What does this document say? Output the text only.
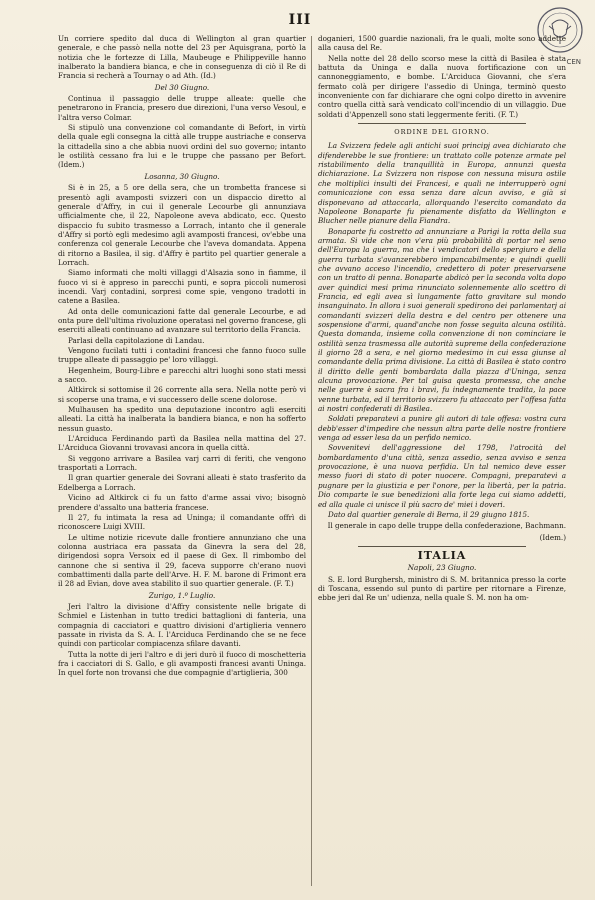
III
CEN

Un corriere spedito dal duca di Wellington al gran quartier generale, e che passò nella notte del 23 per Aquisgrana, portò la notizia che le fortezze di Lilla, Maubeuge e Philippeville hanno inalberato la bandiera bianca, e che in conseguenza di ciò il Re di Francia si recherà a Tournay o ad Ath. (Id.)

Del 30 Giugno.

Continua il passaggio delle truppe alleate: quelle che penetrarono in Francia, presero due direzioni, l'una verso Vesoul, e l'altra verso Colmar.

Si stipulò una convenzione col comandante di Befort, in virtù della quale egli consegna la città alle truppe austriache e conserva la cittadella sino a che abbia nuovi ordini del suo governo; intanto le ostilità cessano fra lui e le truppe che passano per Befort. (Idem.)

Losanna, 30 Giugno.

Si è in 25, a 5 ore della sera, che un trombetta francese si presentò agli avamposti svizzeri con un dispaccio diretto al generale d'Affry, in cui il generale Lecourbe gli annunziava ufficialmente che, il 22, Napoleone aveva abdicato, ecc. Questo dispaccio fu subito trasmesso a Lorrach, intanto che il generale d'Affry si portò egli medesimo agli avamposti francesi, ov'ebbe una conferenza col generale Lecourbe che l'aveva domandata. Appena di ritorno a Basilea, il sig. d'Affry è partito pel quartier generale a Lorrach.

Siamo informati che molti villaggi d'Alsazia sono in fiamme, il fuoco vi si è appreso in parecchi punti, e sopra piccoli numerosi incendi. Varj contadini, sorpresi come spie, vengono tradotti in catene a Basilea.

Ad onta delle comunicazioni fatte dal generale Lecourbe, e ad onta pure dell'ultima rivoluzione operatasi nel governo francese, gli eserciti alleati continuano ad avanzare sul territorio della Francia.

Parlasi della capitolazione di Landau.

Vengono fucilati tutti i contadini francesi che fanno fuoco sulle truppe alleate di passaggio pe' loro villaggi.

Hegenheim, Bourg-Libre e parecchi altri luoghi sono stati messi a sacco.

Altkirck si sottomise il 26 corrente alla sera. Nella notte però vi si scoperse una trama, e vi successero delle scene dolorose.

Mulhausen ha spedito una deputazione incontro agli eserciti alleati. La città ha inalberata la bandiera bianca, e non ha sofferto nessun guasto.

L'Arciduca Ferdinando partì da Basilea nella mattina del 27. L'Arciduca Giovanni trovavasi ancora in quella città.

Si veggono arrivare a Basilea varj carri di feriti, che vengono trasportati a Lorrach.

Il gran quartier generale dei Sovrani alleati è stato trasferito da Edelberga a Lorrach.

Vicino ad Altkirck ci fu un fatto d'arme assai vivo; bisognò prendere d'assalto una batteria francese.

Il 27, fu intimata la resa ad Uninga; il comandante offrì di riconoscere Luigi XVIII.

Le ultime notizie ricevute dalle frontiere annunziano che una colonna austriaca era passata da Ginevra la sera del 28, dirigendosi sopra Versoix ed il paese di Gex. Il rimbombo del cannone che si sentiva il 29, faceva supporre ch'erano nuovi combattimenti dalla parte dell'Arve. H. F. M. barone di Frimont era il 28 ad Evian, dove avea stabilito il suo quartier generale. (F. T.)

Zurigo, 1.º Luglio.

Jeri l'altro la divisione d'Affry consistente nelle brigate di Schmiel e Listenhan in tutto tredici battaglioni di fanteria, una compagnia di cacciatori e quattro divisioni d'artiglieria vennero passate in rivista da S. A. I. l'Arciduca Ferdinando che se ne fece quindi con particolar compiacenza sfilare davanti.

Tutta la notte di jeri l'altro e di jeri durò il fuoco di moschetteria fra i cacciatori di S. Gallo, e gli avamposti francesi avanti Uninga. In quel forte non trovansi che due compagnie d'artiglieria, 300

doganieri, 1500 guardie nazionali, fra le quali, molte sono addette alla causa del Re.

Nella notte del 28 dello scorso mese la città di Basilea è stata battuta da Uninga e dalla nuova fortificazione con un cannoneggiamento, e bombe. L'Arciduca Giovanni, che s'era fermato colà per dirigere l'assedio di Uninga, terminò questo inconveniente con far dichiarare che ogni colpo diretto in avvenire contro quella città sarà vendicato coll'incendio di un villaggio. Due soldati d'Appenzell sono stati leggermente feriti. (F. T.)

ORDINE DEL GIORNO.

La Svizzera fedele agli antichi suoi principj avea dichiarato che difenderebbe le sue frontiere: un trattato colle potenze armate pel ristabilimento della tranquillità in Europa, annunzi questa dichiarazione. La Svizzera non rispose con nessuna misura ostile che moltiplici insulti dei Francesi, e quali ne interrupperò ogni comunicazione con essa senza dare alcun avviso, e già si disponevano ad attaccarla, allorquando l'esercito comandato da Napoleone Bonaparte fu pienamente disfatto da Wellington e Blucher nelle pianure della Fiandra.

Bonaparte fu costretto ad annunziare a Parigi la rotta della sua armata. Si vide che non v'era più probabilità di portar nel seno dell'Europa la guerra, ma che i vendicatori dello spergiuro e della guerra turbata s'avanzerebbero impancabilmente; e quindi quelli che avvano acceso l'incendio, credettero di poter preservarsene con un tratto di penna. Bonaparte abdicò per la seconda volta dopo aver quindici mesi prima rinunciato solennemente allo scettro di Francia, ed egli avea sì lungamente fatto gravitare sul mondo insanguinato. In allora i suoi generali spedirono dei parlamentarj ai comandanti svizzeri della destra e del centro per ottenere una sospensione d'armi, quand'anche non fosse seguita alcuna ostilità. Questa domanda, insieme colla convenzione di non cominciare le ostilità senza trasmessa alle autorità supreme della confederazione il giorno 28 a sera, e nel giorno medesimo in cui essa giunse al comandante della prima divisione. La città di Basilea è stato contro il diritto delle genti bombardata dalla piazza d'Uninga, senza alcuna provocazione. Per tal guisa questa promessa, che anche nelle guerre è sacra fra i bravi, fu indegnamente tradita, la pace venne turbata, ed il territorio svizzero fu attaccato per l'offesa fatta ai nostri confederati di Basilea.

Soldati preparatevi a punire gli autori di tale offesa: vostra cura debb'esser d'impedire che nessun altra parte delle nostre frontiere venga ad esser lesa da un perfido nemico.

Sovvenitevi dell'aggressione del 1798, l'atrocità del bombardamento d'una città, senza assedio, senza avviso e senza provocazione, è una nuova perfidia. Un tal nemico deve esser messo fuori di stato di poter nuocere. Compagni, preparatevi a pugnare per la giustizia e per l'onore, per la libertà, per la patria. Dio comparte le sue benedizioni alla forte lega cui siamo addetti, ed alla quale ci unisce il più sacro de' miei i doveri.

Dato dal quartier generale di Berna, il 29 giugno 1815.

Il generale in capo delle truppe della confederazione, Bachmann.

(Idem.)

ITALIA

Napoli, 23 Giugno.

S. E. lord Burghersh, ministro di S. M. britannica presso la corte di Toscana, essendo sul punto di partire per ritornare a Firenze, ebbe jeri dal Re un' udienza, nella quale S. M. non ha om-
